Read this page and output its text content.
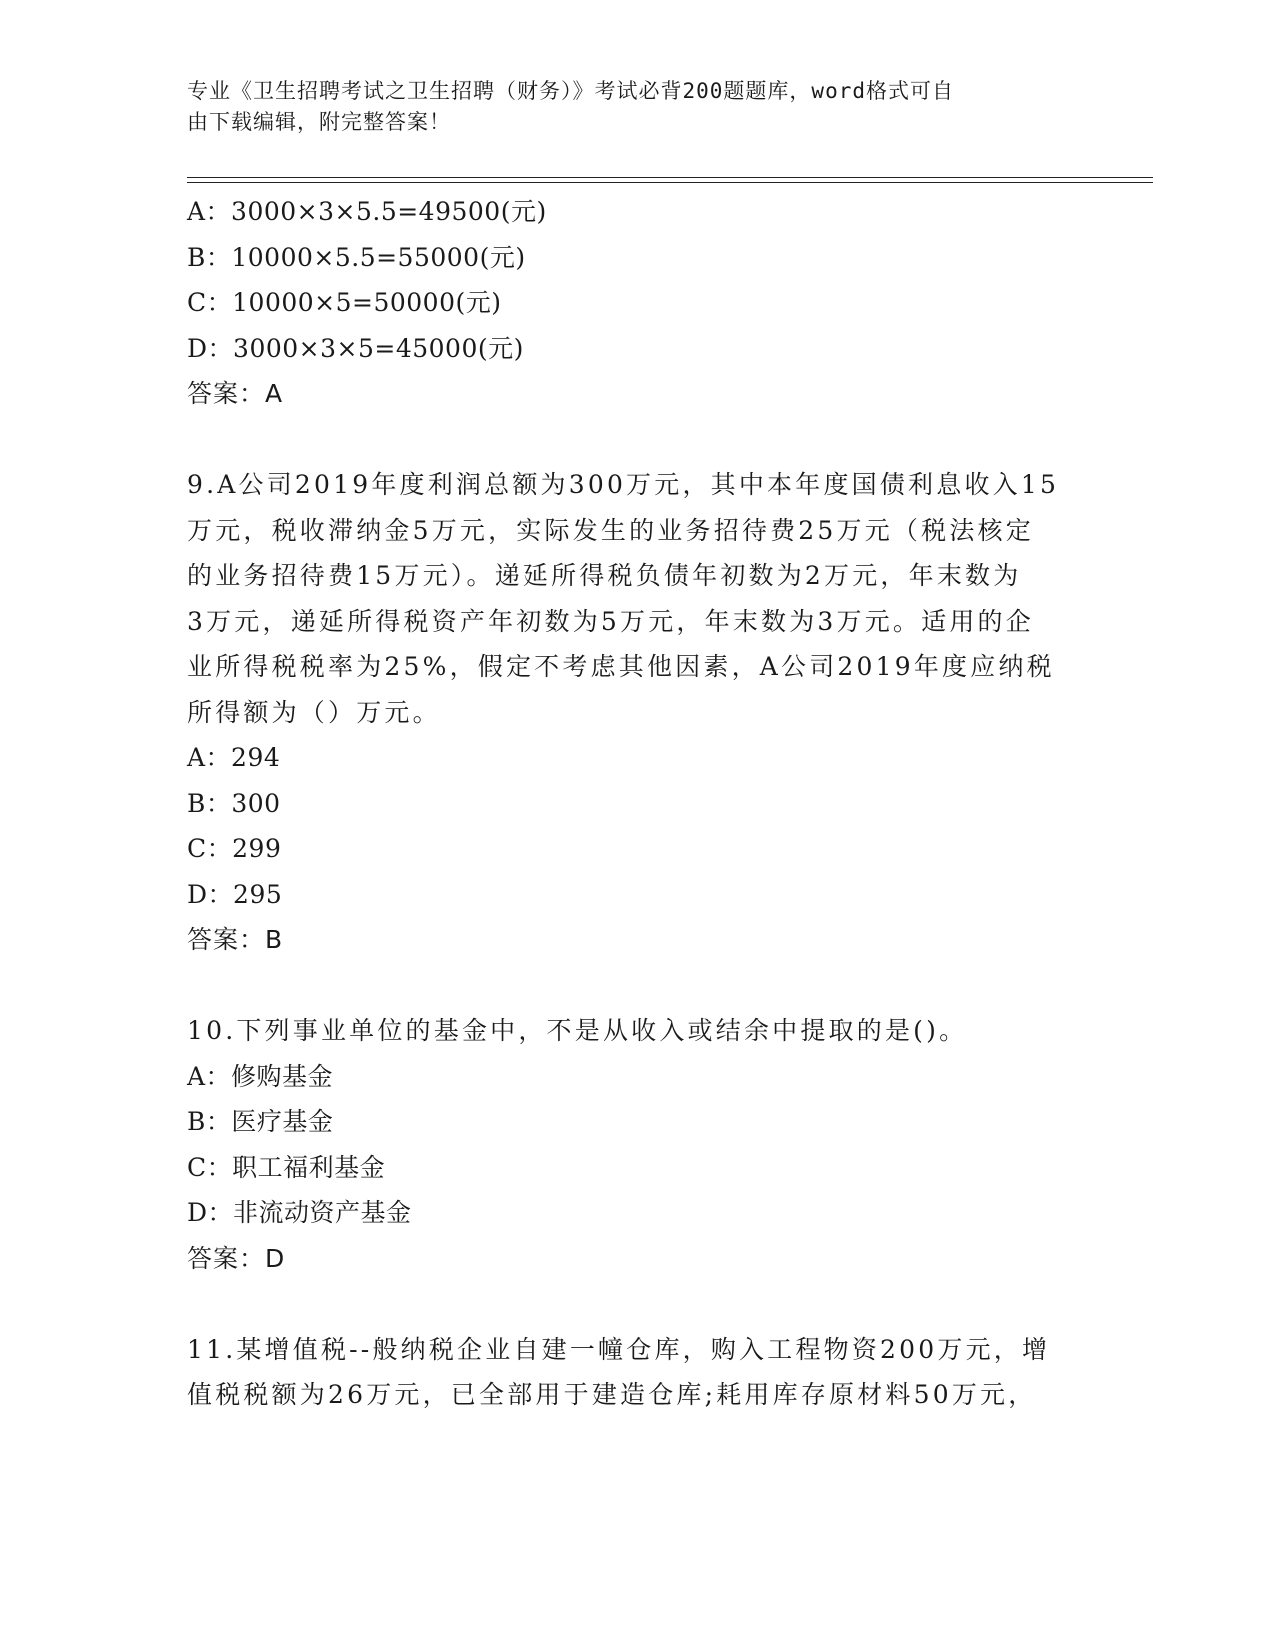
专业《卫生招聘考试之卫生招聘（财务）》考试必背200题题库，word格式可自
由下载编辑，附完整答案！
A：3000×3×5.5=49500(元)
B：10000×5.5=55000(元)
C：10000×5=50000(元)
D：3000×3×5=45000(元)
答案：A
9.A公司2019年度利润总额为300万元，其中本年度国债利息收入15
万元，税收滞纳金5万元，实际发生的业务招待费25万元（税法核定
的业务招待费15万元）。递延所得税负债年初数为2万元，年末数为
3万元，递延所得税资产年初数为5万元，年末数为3万元。适用的企
业所得税税率为25%，假定不考虑其他因素，A公司2019年度应纳税
所得额为（）万元。
A：294
B：300
C：299
D：295
答案：B
10.下列事业单位的基金中，不是从收入或结余中提取的是()。
A：修购基金
B：医疗基金
C：职工福利基金
D：非流动资产基金
答案：D
11.某增值税--般纳税企业自建一幢仓库，购入工程物资200万元，增
值税税额为26万元，已全部用于建造仓库;耗用库存原材料50万元，
